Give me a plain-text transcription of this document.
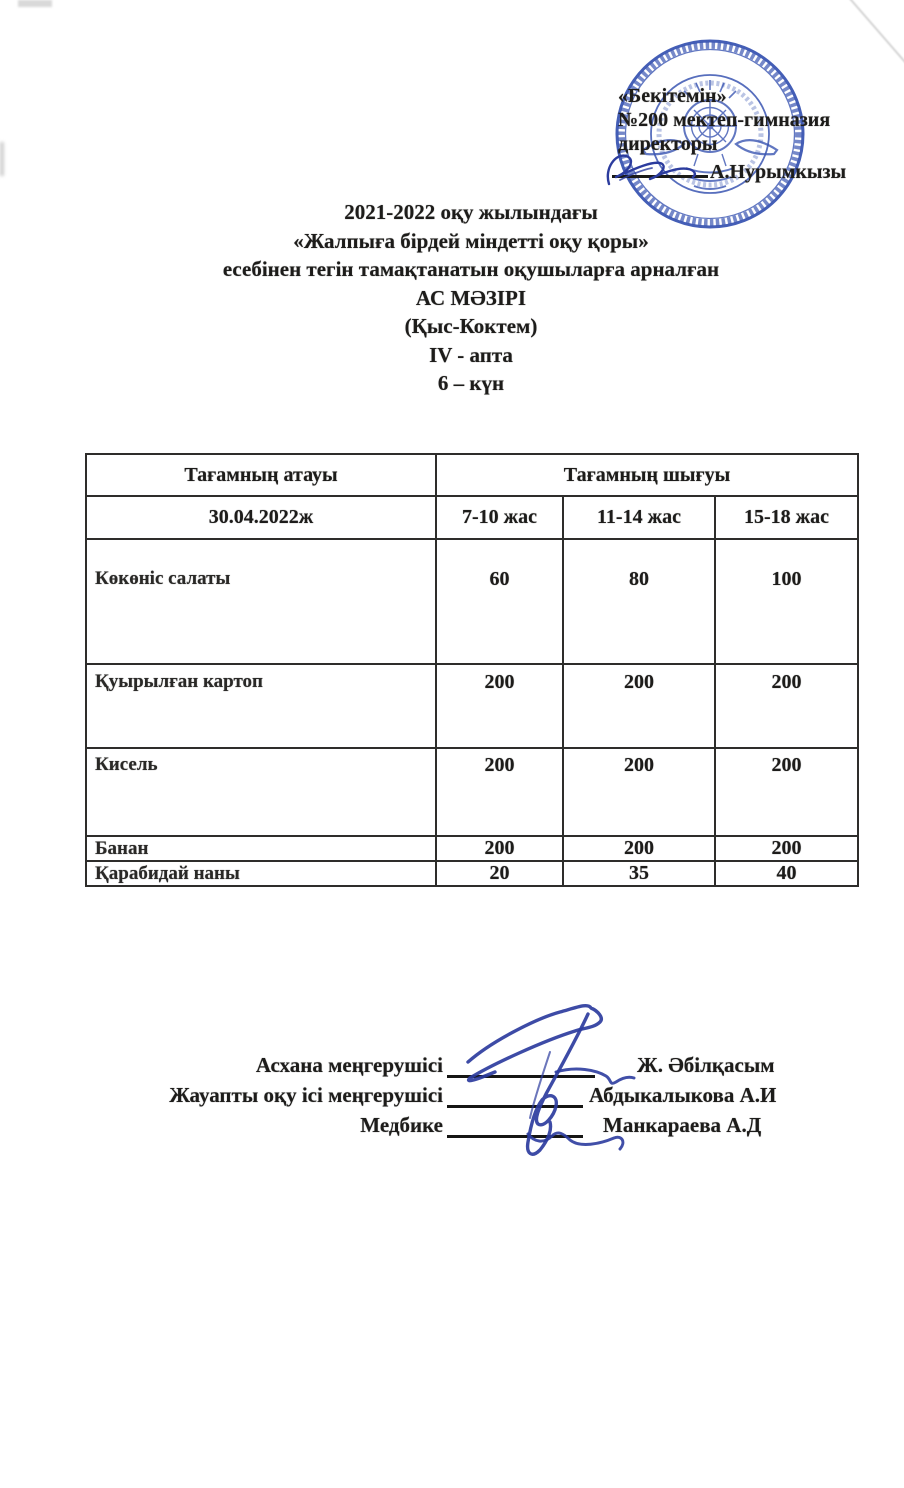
«Бекітемін»
№200 мектеп-гимназия
директоры
А.Нурымкызы
2021-2022 оқу жылындағы
«Жалпыға бірдей міндетті оқу қоры»
есебінен тегін тамақтанатын оқушыларға арналған
АС МӘЗІРІ
(Қыс-Коктем)
IV - апта
6 – күн
Тағамның атауы	Тағамның шығуы		
30.04.2022ж	7-10 жас	11-14 жас	15-18 жас
Көкөніс салаты	60	80	100
Қуырылған картоп	200	200	200
Кисель	200	200	200
Банан	200	200	200
Қарабидай наны	20	35	40
Асхана меңгерушісі	Ж. Әбілқасым
Жауапты оқу ісі меңгерушісі	Абдыкалыкова А.И
Медбике	Манкараева А.Д
